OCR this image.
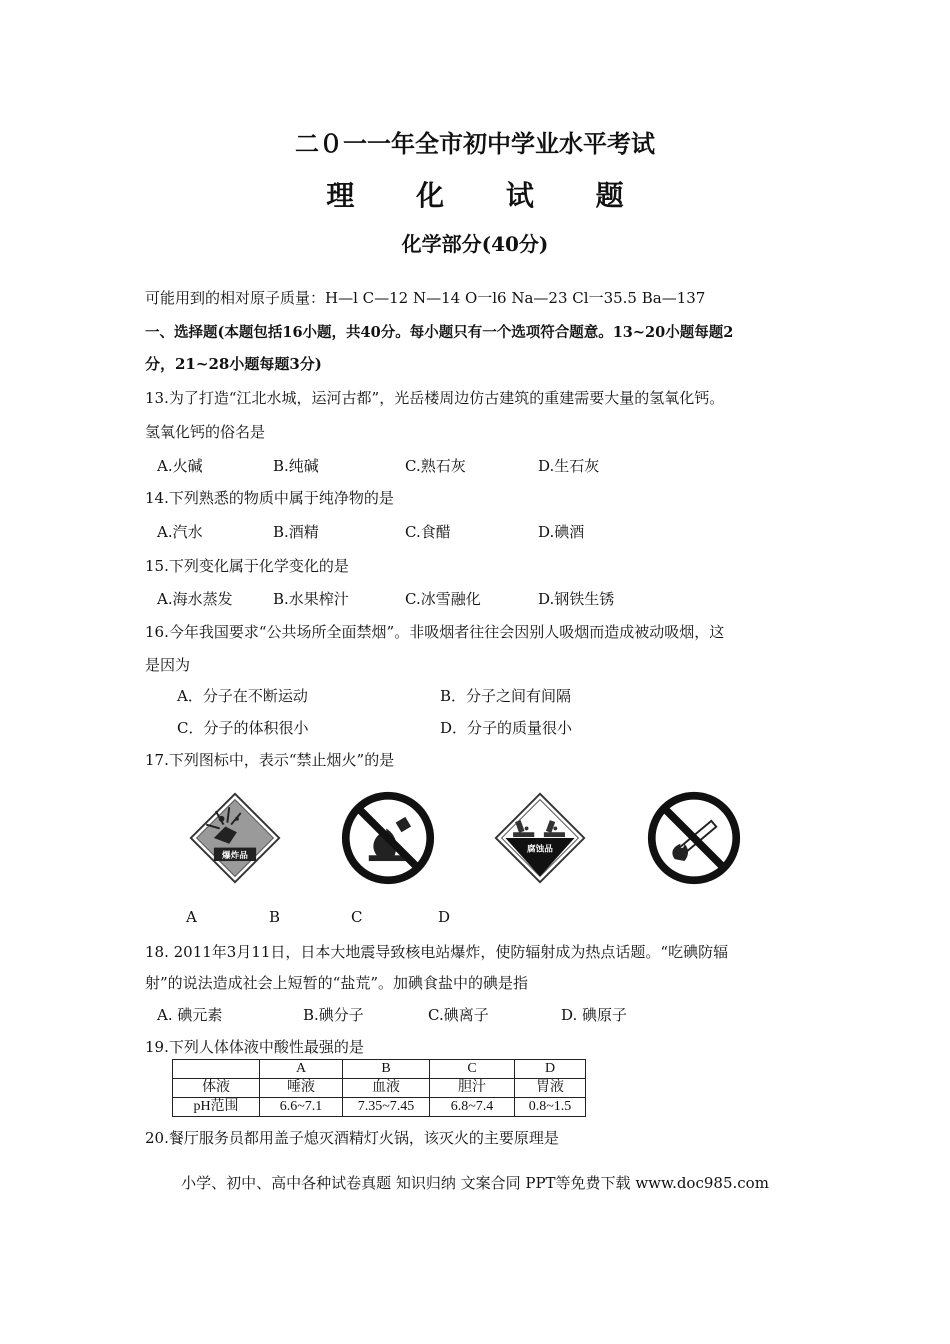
二０一一年全市初中学业水平考试
理 化 试 题
化学部分(40分)
可能用到的相对原子质量：H—l C—12 N—14 O一l6 Na—23 Cl一35.5 Ba—137
一、选择题(本题包括16小题，共40分。每小题只有一个选项符合题意。13~20小题每题2
分，21~28小题每题3分)
13.为了打造“江北水城，运河古都”，光岳楼周边仿古建筑的重建需要大量的氢氧化钙。
氢氧化钙的俗名是
A.火碱	B.纯碱	C.熟石灰	D.生石灰
14.下列熟悉的物质中属于纯净物的是
A.汽水	B.酒精	C.食醋	D.碘酒
15.下列变化属于化学变化的是
A.海水蒸发	B.水果榨汁	C.冰雪融化	D.钢铁生锈
16.今年我国要求“公共场所全面禁烟”。非吸烟者往往会因别人吸烟而造成被动吸烟，这
是因为
A．分子在不断运动	B．分子之间有间隔
C．分子的体积很小	D．分子的质量很小
17.下列图标中，表示“禁止烟火”的是
爆炸品
腐蚀品
A	B	C	D
18. 2011年3月11日，日本大地震导致核电站爆炸，使防辐射成为热点话题。“吃碘防辐
射”的说法造成社会上短暂的“盐荒”。加碘食盐中的碘是指
A. 碘元素	B.碘分子	C.碘离子	D. 碘原子
19.下列人体体液中酸性最强的是
	A	B	C	D
体液	唾液	血液	胆汁	胃液
pH范围	6.6~7.1	7.35~7.45	6.8~7.4	0.8~1.5
20.餐厅服务员都用盖子熄灭酒精灯火锅，该灭火的主要原理是
小学、初中、高中各种试卷真题 知识归纳 文案合同 PPT等免费下载 www.doc985.com
